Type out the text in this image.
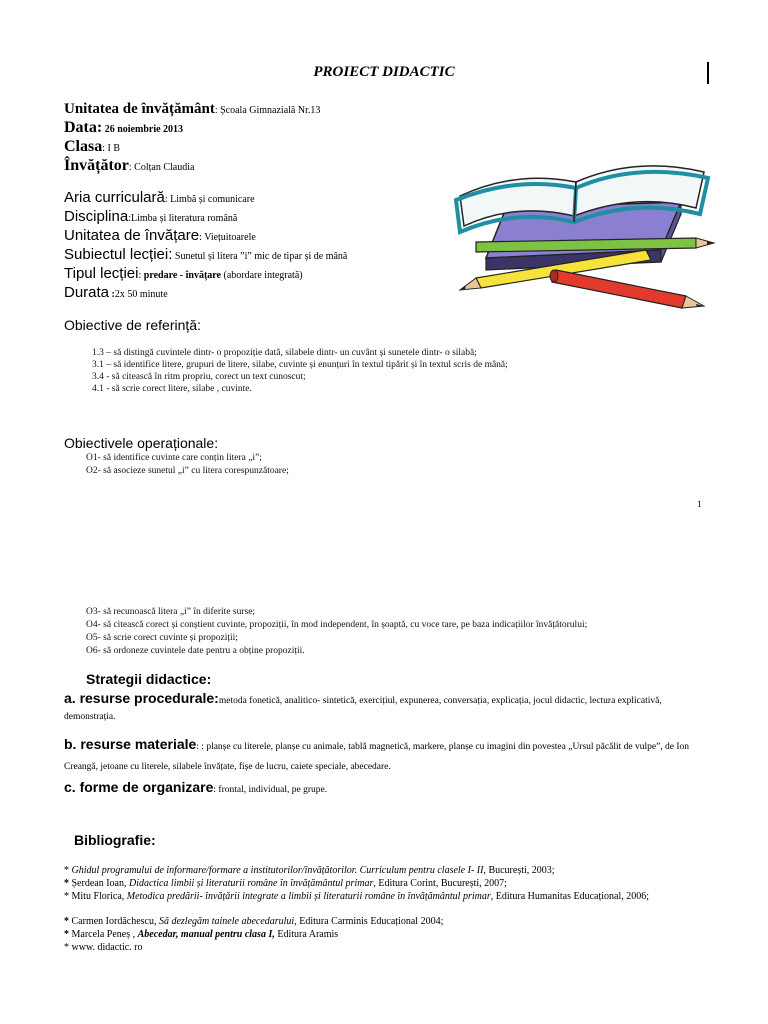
PROIECT DIDACTIC
Unitatea de învățământ: Școala Gimnazială Nr.13
Data: 26 noiembrie 2013
Clasa: I B
Învățător: Colțan Claudia
Aria curriculară: Limbă și comunicare
Disciplina:Limba și literatura română
Unitatea de învățare: Viețuitoarele
Subiectul lecției: Sunetul și litera ”i” mic de tipar și de mână
Tipul lecției: predare - învățare (abordare integrată)
Durata :2x 50 minute
Obiective de referință:
1.3 – să distingă cuvintele dintr- o propoziție dată, silabele dintr- un cuvânt și sunetele dintr- o silabă;
3.1 – să identifice litere, grupuri de litere, silabe, cuvinte și enunțuri în textul tipărit și în textul scris de mână;
3.4 - să citească în ritm propriu, corect un text cunoscut;
4.1 - să scrie corect litere, silabe , cuvinte.
Obiectivele operaționale:
O1- să identifice cuvinte care conțin litera „i”;
O2- să asocieze sunetul „i” cu litera corespunzătoare;
1
O3- să recunoască litera „i” în diferite surse;
O4- să citească corect și conștient cuvinte, propoziții, în mod independent, în șoaptă, cu voce tare, pe baza indicațiilor învățătorului;
O5- să scrie corect cuvinte și propoziții;
O6- să ordoneze cuvintele date pentru a obține propoziții.
Strategii didactice:
a. resurse procedurale:metoda fonetică, analitico- sintetică, exercițiul, expunerea, conversația, explicația, jocul didactic, lectura explicativă, demonstrația.
b. resurse materiale: : planșe cu literele, planșe cu animale, tablă magnetică, markere, planșe cu imagini din povestea „Ursul păcălit de vulpe”, de Ion Creangă, jetoane cu literele, silabele învățate, fișe de lucru, caiete speciale, abecedare.
c. forme de organizare: frontal, individual, pe grupe.
Bibliografie:
* Ghidul programului de informare/formare a institutorilor/învățătorilor. Curriculum pentru clasele I- II, București, 2003;
* Șerdean Ioan, Didactica limbii și literaturii române în învățământul primar, Editura Corint, București, 2007;
* Mitu Florica, Metodica predării- învățării integrate a limbii și literaturii române în învățământul primar, Editura Humanitas Educațional, 2006;
* Carmen Iordăchescu, Să dezlegăm tainele abecedarului, Editura Carminis Educațional 2004;
* Marcela Peneș , Abecedar, manual pentru clasa I, Editura Aramis
* www. didactic. ro
